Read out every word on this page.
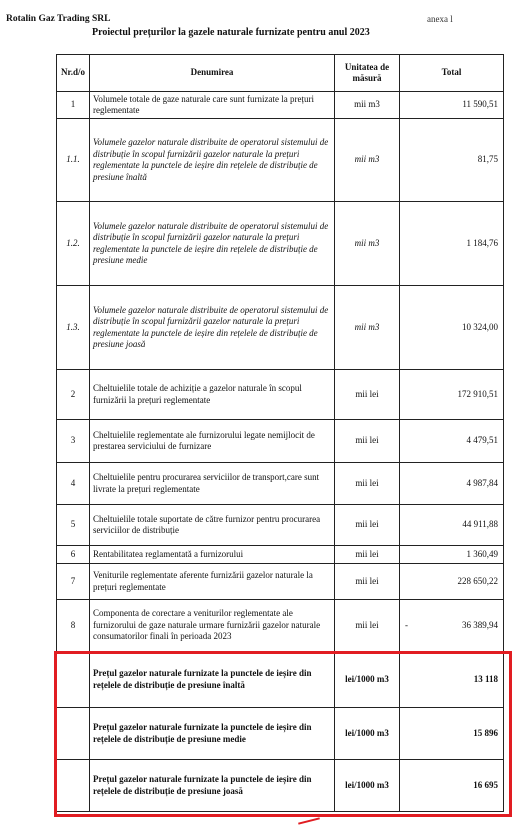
Rotalin Gaz Trading SRL	anexa l
Proiectul prețurilor la gazele naturale furnizate pentru anul 2023
Nr.d/o	Denumirea	Unitatea de măsură	Total
1	Volumele totale de gaze naturale care sunt furnizate la prețuri reglementate	mii m3	11 590,51
1.1.	Volumele gazelor naturale distribuite de operatorul sistemului de distribuție în scopul furnizării gazelor naturale la prețuri reglementate la punctele de ieșire din rețelele de distribuție de presiune înaltă	mii m3	81,75
1.2.	Volumele gazelor naturale distribuite de operatorul sistemului de distribuție în scopul furnizării gazelor naturale la prețuri reglementate la punctele de ieșire din rețelele de distribuție de presiune medie	mii m3	1 184,76
1.3.	Volumele gazelor naturale distribuite de operatorul sistemului de distribuție în scopul furnizării gazelor naturale la prețuri reglementate la punctele de ieșire din rețelele de distribuție de presiune joasă	mii m3	10 324,00
2	Cheltuielile totale de achiziție a gazelor naturale în scopul furnizării la prețuri reglementate	mii lei	172 910,51
3	Cheltuielile reglementate ale furnizorului legate nemijlocit de prestarea serviciului de furnizare	mii lei	4 479,51
4	Cheltuielile pentru procurarea serviciilor de transport,care sunt livrate la prețuri reglementate	mii lei	4 987,84
5	Cheltuielile totale suportate de către furnizor pentru procurarea serviciilor de distribuție	mii lei	44 911,88
6	Rentabilitatea reglamentată a furnizorului	mii lei	1 360,49
7	Veniturile reglementate aferente furnizării gazelor naturale la prețuri reglementate	mii lei	228 650,22
8	Componenta de corectare a veniturilor reglementate ale furnizorului de gaze naturale urmare furnizării gazelor naturale consumatorilor finali în perioada 2023	mii lei	- 36 389,94
	Prețul gazelor naturale furnizate la punctele de ieșire din rețelele de distribuție de presiune înaltă	lei/1000 m3	13 118
	Prețul gazelor naturale furnizate la punctele de ieșire din rețelele de distribuție de presiune medie	lei/1000 m3	15 896
	Prețul gazelor naturale furnizate la punctele de ieșire din rețelele de distribuție de presiune joasă	lei/1000 m3	16 695
